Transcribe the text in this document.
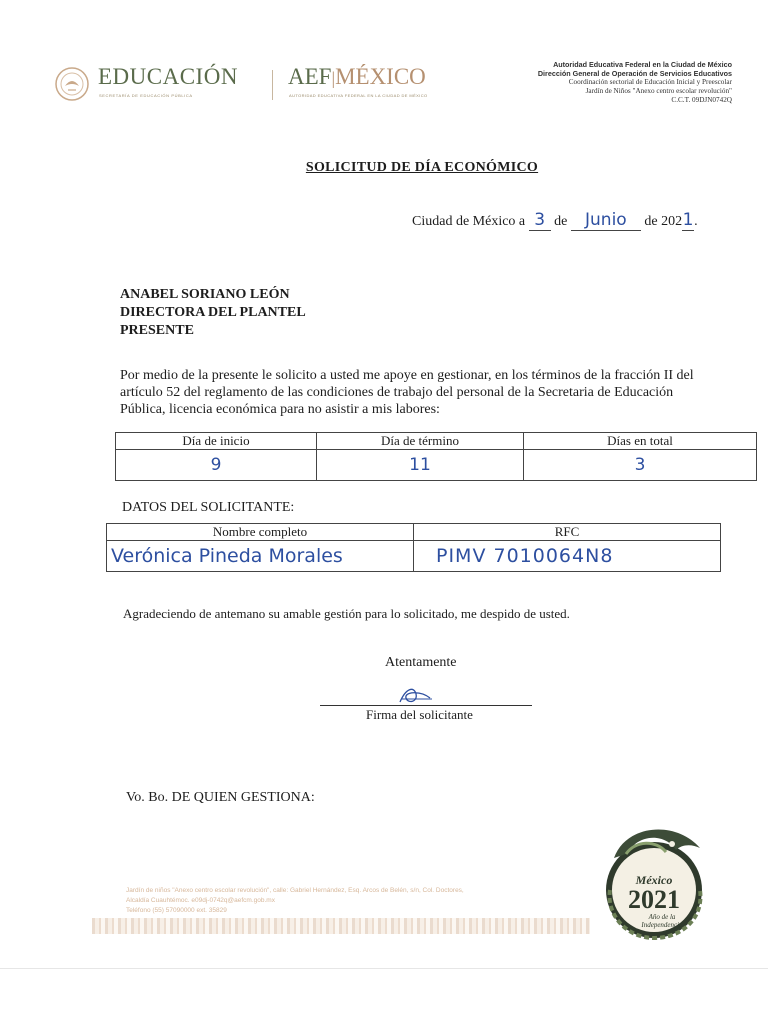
EDUCACIÓN
SECRETARÍA DE EDUCACIÓN PÚBLICA
AEF|MÉXICO
AUTORIDAD EDUCATIVA FEDERAL EN LA CIUDAD DE MÉXICO
Autoridad Educativa Federal en la Ciudad de México
Dirección General de Operación de Servicios Educativos
Coordinación sectorial de Educación Inicial y Preescolar
Jardín de Niños "Anexo centro escolar revolución"
C.C.T. 09DJN0742Q
SOLICITUD DE DÍA ECONÓMICO
Ciudad de México a 3 de Junio de 2021.
ANABEL SORIANO LEÓN
DIRECTORA DEL PLANTEL
PRESENTE
Por medio de la presente le solicito a usted me apoye en gestionar, en los términos de la fracción II del artículo 52 del reglamento de las condiciones de trabajo del personal de la Secretaria de Educación Pública, licencia económica para no asistir a mis labores:
Día de inicio	Día de término	Días en total
9	11	3
DATOS DEL SOLICITANTE:
Nombre completo	RFC
Verónica Pineda Morales	PIMV 7010064N8
Agradeciendo de antemano su amable gestión para lo solicitado, me despido de usted.
Atentamente
Firma del solicitante
Vo. Bo. DE QUIEN GESTIONA:
Jardín de niños "Anexo centro escolar revolución", calle: Gabriel Hernández, Esq. Arcos de Belén, s/n, Col. Doctores,
Alcaldía Cuauhtémoc. e09dj-0742q@aefcm.gob.mx
Teléfono (55) 57090000 ext. 35829
México
2021
Año de la
Independencia
